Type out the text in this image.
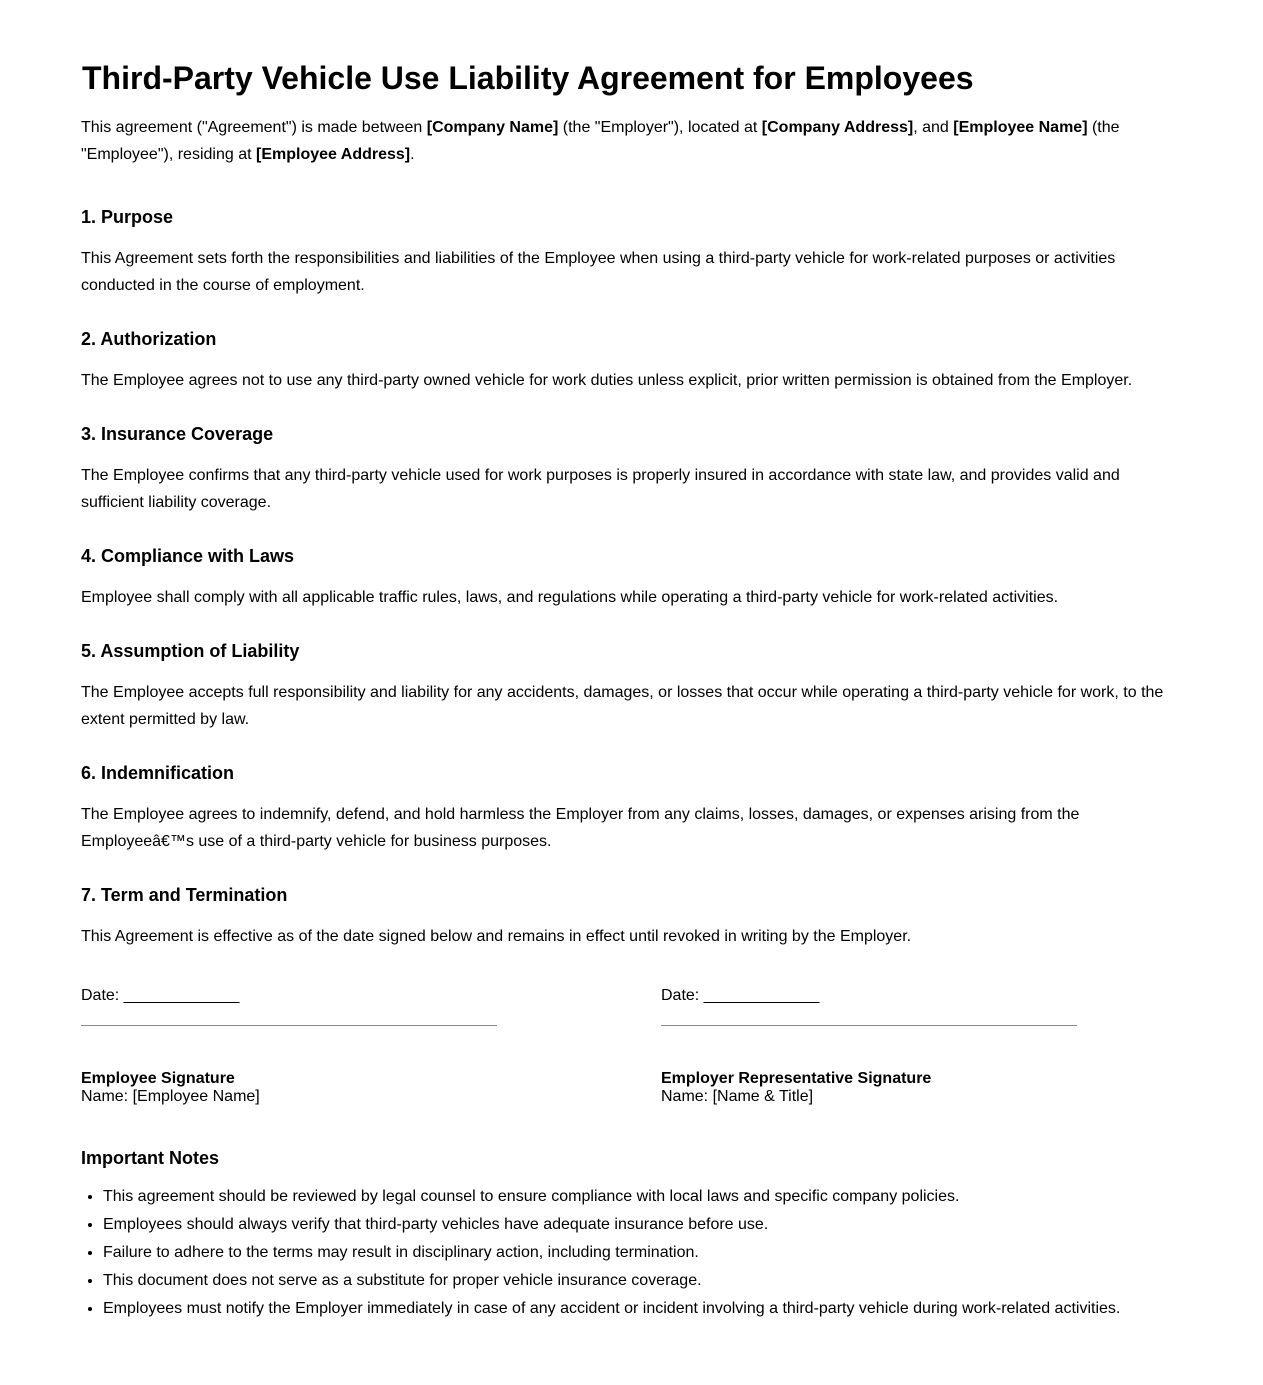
Third-Party Vehicle Use Liability Agreement for Employees

This agreement ("Agreement") is made between [Company Name] (the "Employer"), located at [Company Address], and [Employee Name] (the "Employee"), residing at [Employee Address].

1. Purpose

This Agreement sets forth the responsibilities and liabilities of the Employee when using a third-party vehicle for work-related purposes or activities conducted in the course of employment.

2. Authorization

The Employee agrees not to use any third-party owned vehicle for work duties unless explicit, prior written permission is obtained from the Employer.

3. Insurance Coverage

The Employee confirms that any third-party vehicle used for work purposes is properly insured in accordance with state law, and provides valid and sufficient liability coverage.

4. Compliance with Laws

Employee shall comply with all applicable traffic rules, laws, and regulations while operating a third-party vehicle for work-related activities.

5. Assumption of Liability

The Employee accepts full responsibility and liability for any accidents, damages, or losses that occur while operating a third-party vehicle for work, to the extent permitted by law.

6. Indemnification

The Employee agrees to indemnify, defend, and hold harmless the Employer from any claims, losses, damages, or expenses arising from the Employeeâ€™s use of a third-party vehicle for business purposes.

7. Term and Termination

This Agreement is effective as of the date signed below and remains in effect until revoked in writing by the Employer.

Date: _____________
Employee Signature
Name: [Employee Name]
Date: _____________
Employer Representative Signature
Name: [Name & Title]
Important Notes
• This agreement should be reviewed by legal counsel to ensure compliance with local laws and specific company policies.
• Employees should always verify that third-party vehicles have adequate insurance before use.
• Failure to adhere to the terms may result in disciplinary action, including termination.
• This document does not serve as a substitute for proper vehicle insurance coverage.
• Employees must notify the Employer immediately in case of any accident or incident involving a third-party vehicle during work-related activities.
